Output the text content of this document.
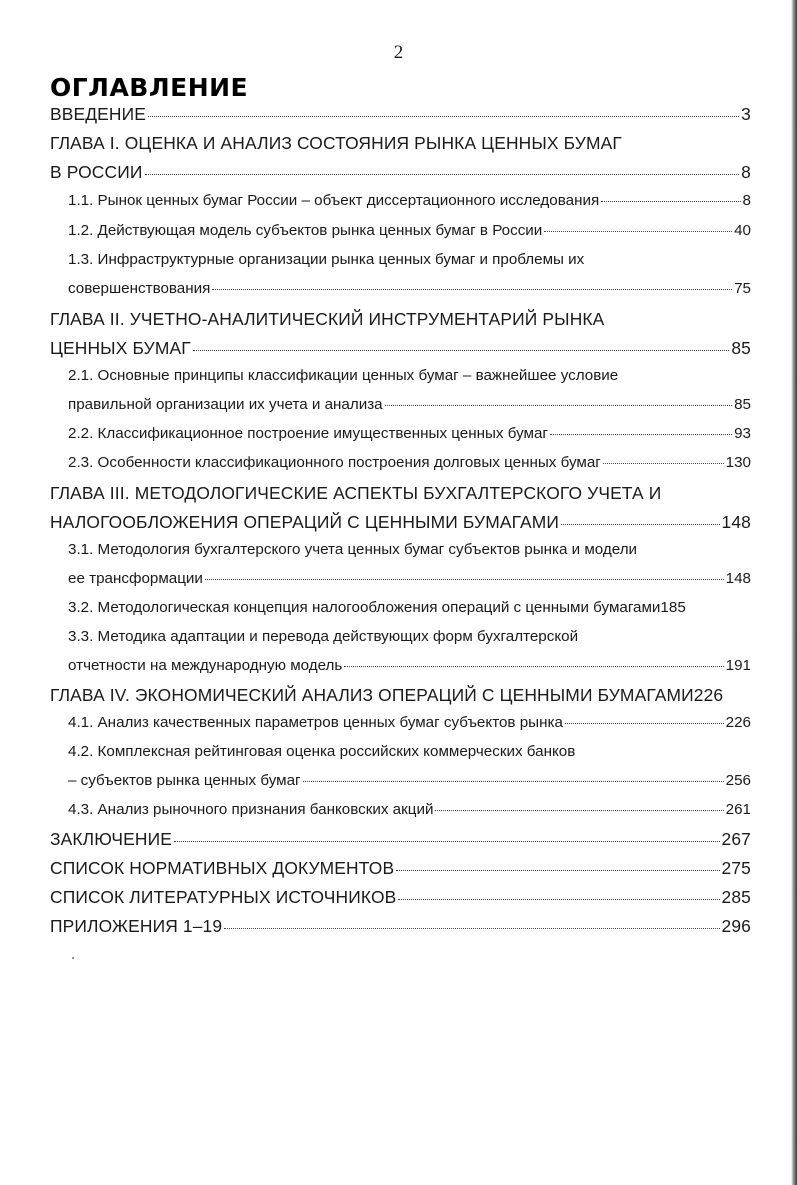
2
ОГЛАВЛЕНИЕ
ВВЕДЕНИЕ	3
ГЛАВА I. ОЦЕНКА И АНАЛИЗ СОСТОЯНИЯ РЫНКА ЦЕННЫХ БУМАГ
В РОССИИ	8
1.1. Рынок ценных бумаг России – объект диссертационного исследования	8
1.2. Действующая модель субъектов рынка ценных бумаг в России	40
1.3. Инфраструктурные организации рынка ценных бумаг и проблемы их
совершенствования	75
ГЛАВА II. УЧЕТНО-АНАЛИТИЧЕСКИЙ ИНСТРУМЕНТАРИЙ РЫНКА
ЦЕННЫХ БУМАГ	85
2.1. Основные принципы классификации ценных бумаг – важнейшее условие
правильной организации их учета и анализа	85
2.2. Классификационное построение имущественных ценных бумаг	93
2.3. Особенности классификационного построения долговых ценных бумаг	130
ГЛАВА III. МЕТОДОЛОГИЧЕСКИЕ АСПЕКТЫ БУХГАЛТЕРСКОГО УЧЕТА И
НАЛОГООБЛОЖЕНИЯ ОПЕРАЦИЙ С ЦЕННЫМИ БУМАГАМИ	148
3.1. Методология бухгалтерского учета ценных бумаг субъектов рынка и модели
ее трансформации	148
3.2. Методологическая концепция налогообложения операций с ценными бумагами 185
3.3. Методика адаптации и перевода действующих форм бухгалтерской
отчетности на международную модель	191
ГЛАВА IV. ЭКОНОМИЧЕСКИЙ АНАЛИЗ ОПЕРАЦИЙ С ЦЕННЫМИ БУМАГАМИ 226
4.1. Анализ качественных параметров ценных бумаг субъектов рынка	226
4.2. Комплексная рейтинговая оценка российских коммерческих банков
– субъектов рынка ценных бумаг	256
4.3. Анализ рыночного признания банковских акций	261
ЗАКЛЮЧЕНИЕ	267
СПИСОК НОРМАТИВНЫХ ДОКУМЕНТОВ	275
СПИСОК ЛИТЕРАТУРНЫХ ИСТОЧНИКОВ	285
ПРИЛОЖЕНИЯ 1–19	296
